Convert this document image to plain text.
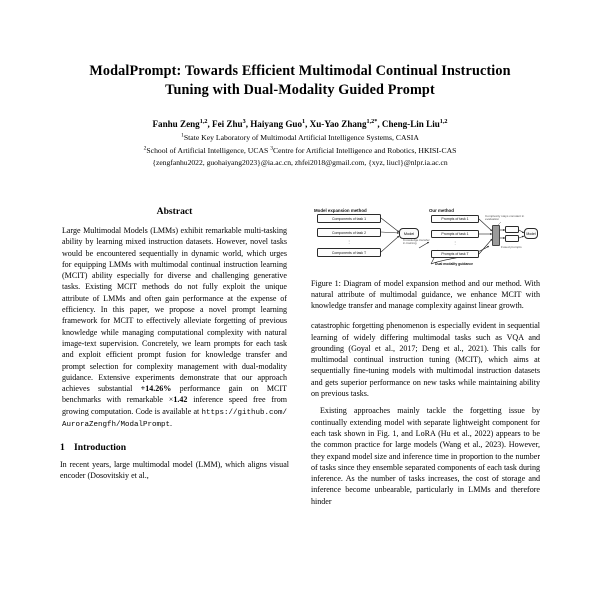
ModalPrompt: Towards Efficient Multimodal Continual Instruction Tuning with Dual-Modality Guided Prompt
Fanhu Zeng$^{1,2}$, Fei Zhu$^3$, Haiyang Guo$^1$, Xu-Yao Zhang$^{1,2*}$, Cheng-Lin Liu$^{1,2}$
$^1$State Key Laboratory of Multimodal Artificial Intelligence Systems, CASIA
$^2$School of Artificial Intelligence, UCAS $^3$Centre for Artificial Intelligence and Robotics, HKISI-CAS
{zengfanhu2022, guohaiyang2023}@ia.ac.cn, zhfei2018@gmail.com, {xyz, liucl}@nlpr.ia.ac.cn
Abstract

Large Multimodal Models (LMMs) exhibit remarkable multi-tasking ability by learning mixed instruction datasets. However, novel tasks would be encountered sequentially in dynamic world, which urges for equipping LMMs with multimodal continual instruction learning (MCIT) ability especially for diverse and challenging generative tasks. Existing MCIT methods do not fully exploit the unique attribute of LMMs and often gain performance at the expense of efficiency. In this paper, we propose a novel prompt learning framework for MCIT to effectively alleviate forgetting of previous knowledge while managing computational complexity with natural image-text supervision. Concretely, we learn prompts for each task and exploit efficient prompt fusion for knowledge transfer and prompt selection for complexity management with dual-modality guidance. Extensive experiments demonstrate that our approach achieves substantial +14.26% performance gain on MCIT benchmarks with remarkable ×1.42 inference speed free from growing computation. Code is available at https://github.com/AuroraZengfh/ModalPrompt.

1 Introduction

In recent years, large multimodal model (LMM), which aligns visual encoder (Dosovitskiy et al.,

Model expansion method
Components of task 1
Components of task 2
⋮
Components of task T
Model
Our method
Prompts of task 1
Prompts of task 1
⋮
Prompts of task T
Model
Complexity stays constant in evaluation
Knowledge transfer in training
Fused prompts
Dual modality guidance
Figure 1: Diagram of model expansion method and our method. With natural attribute of multimodal guidance, we enhance MCIT with knowledge transfer and manage complexity against linear growth.

catastrophic forgetting phenomenon is especially evident in sequential learning of widely differing multimodal tasks such as VQA and grounding (Goyal et al., 2017; Deng et al., 2021). This calls for multimodal continual instruction tuning (MCIT), which aims at sequentially fine-tuning models with multimodal instruction datasets and gets superior performance on new tasks while maintaining ability on previous tasks.

Existing approaches mainly tackle the forgetting issue by continually extending model with separate lightweight component for each task shown in Fig. 1, and LoRA (Hu et al., 2022) appears to be the common practice for large models (Wang et al., 2023). However, they expand model size and inference time in proportion to the number of tasks since they ensemble separated components of each task during inference. As the number of tasks increases, the cost of storage and inference become unbearable, particularly in LMMs and therefore hinder
